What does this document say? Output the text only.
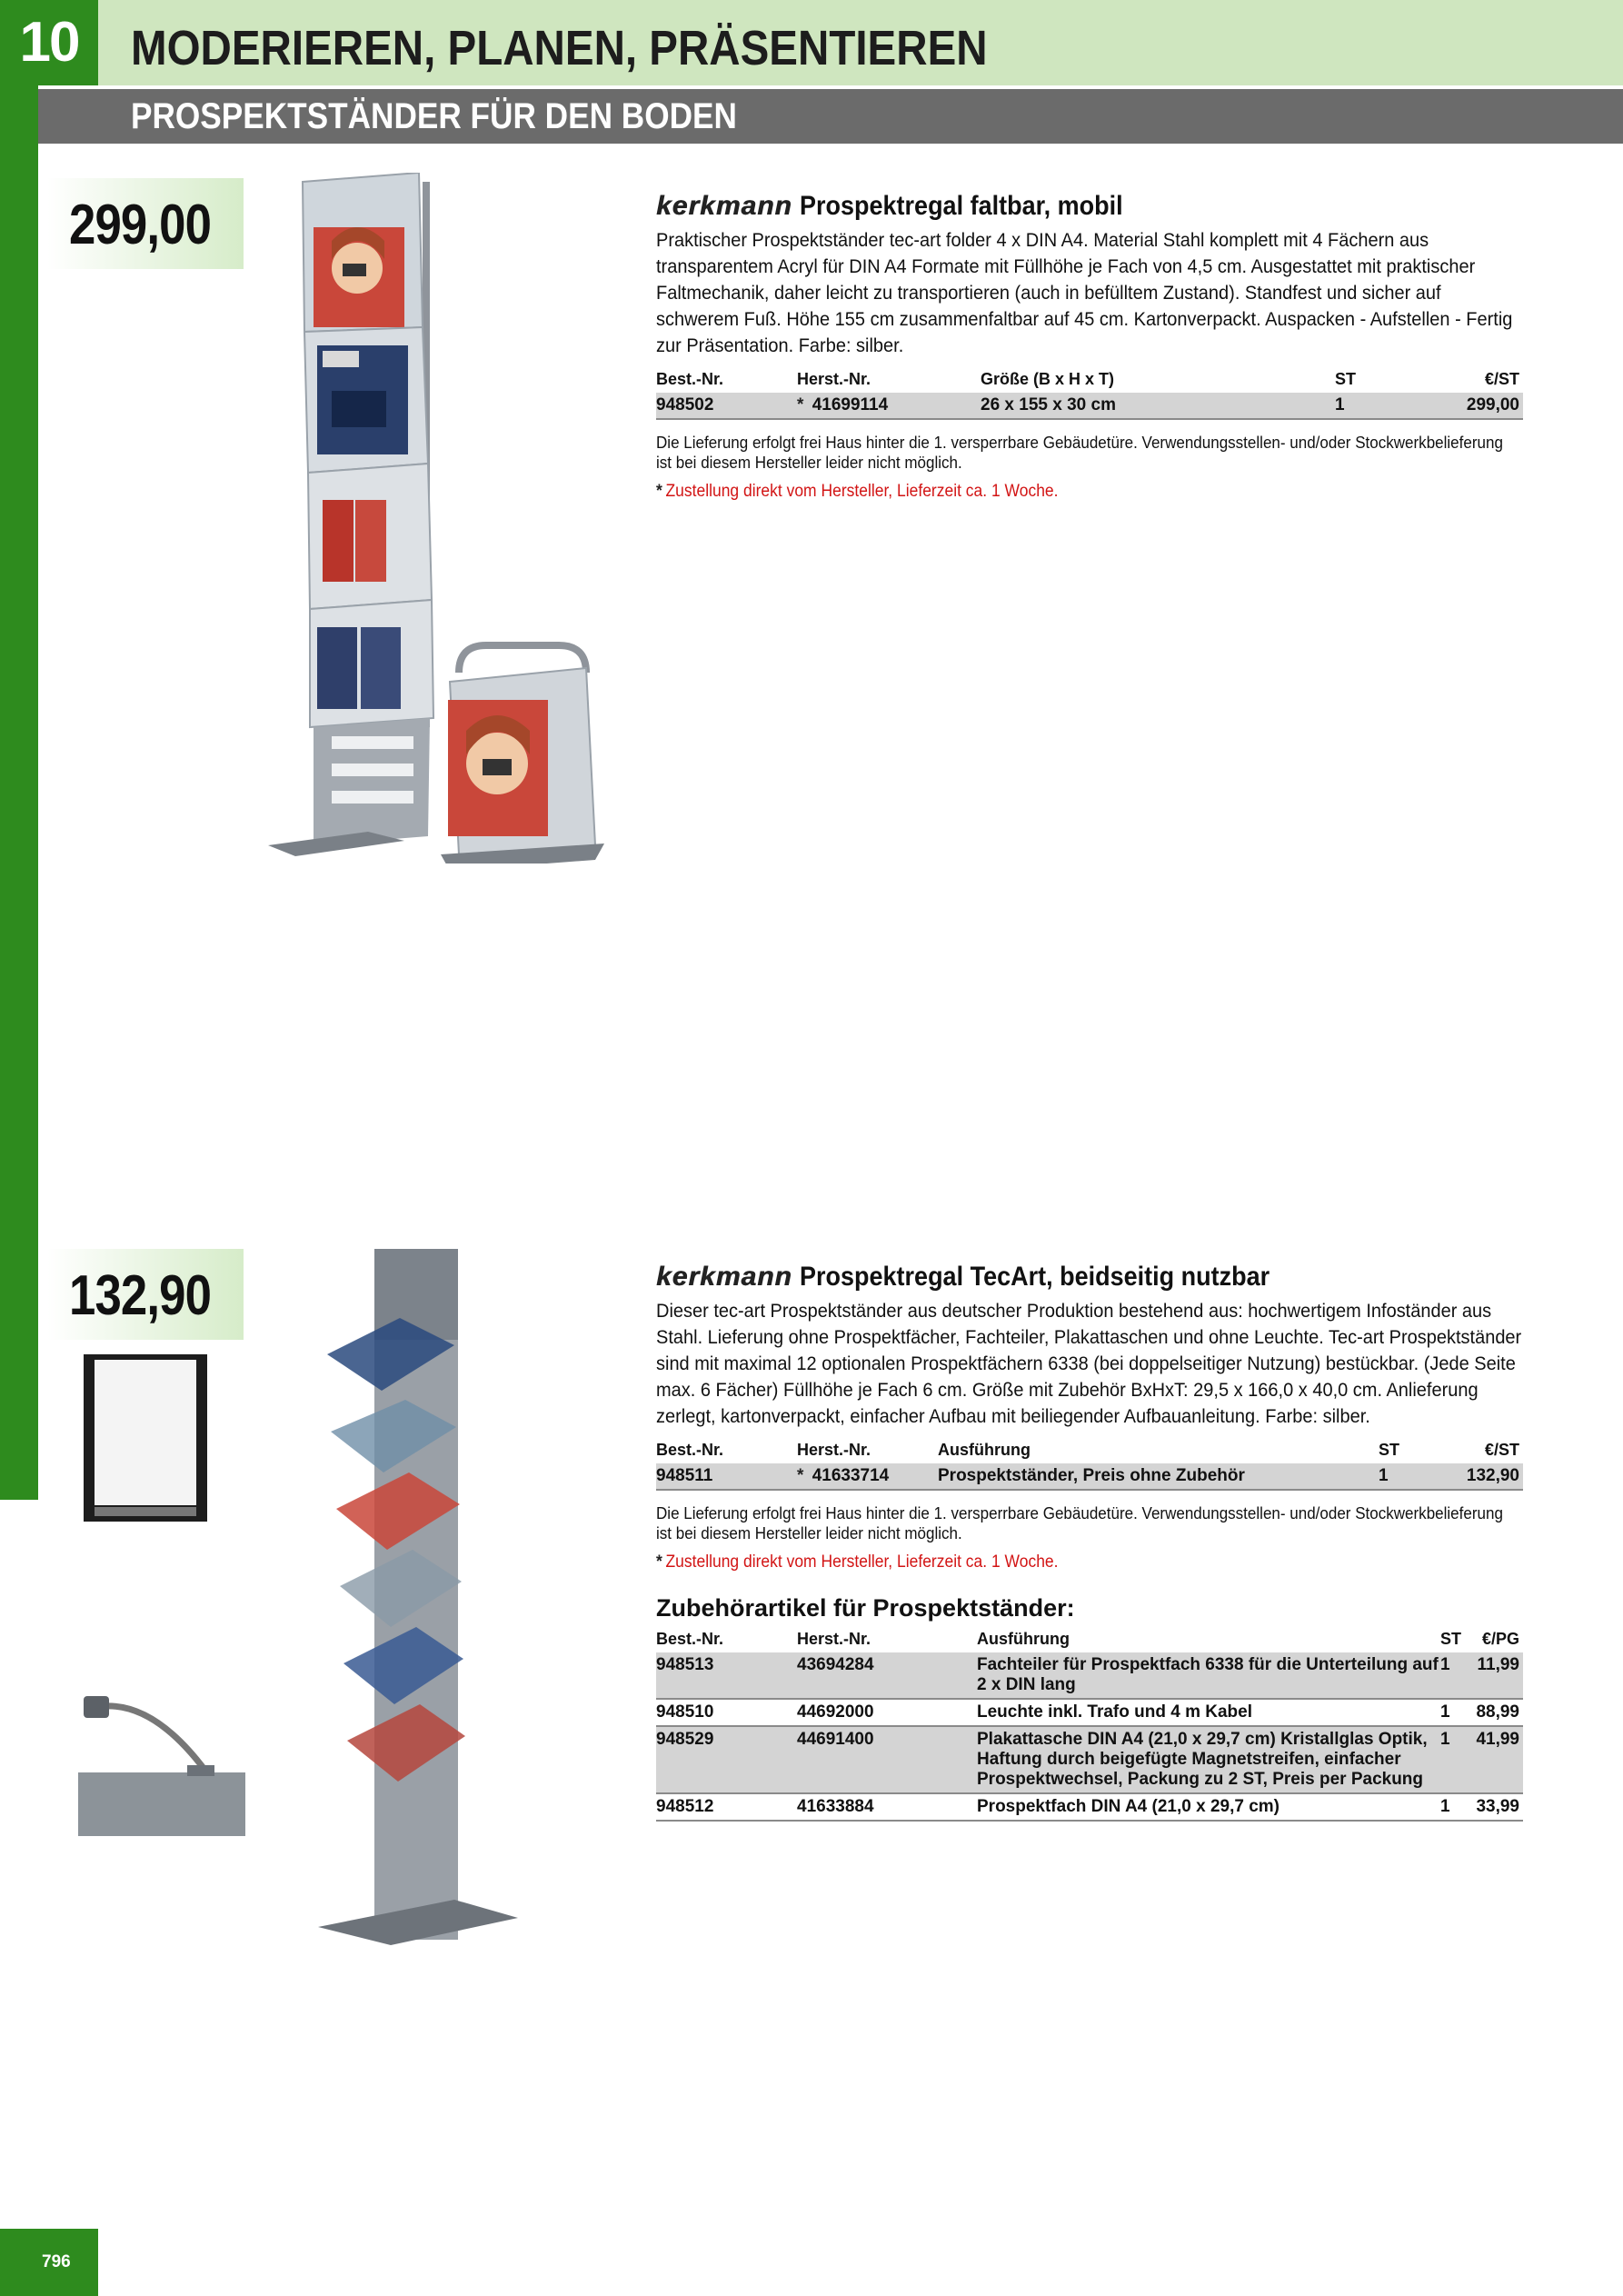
10	MODERIEREN, PLANEN, PRÄSENTIEREN
PROSPEKTSTÄNDER FÜR DEN BODEN
299,00	kerkmann Prospektregal faltbar, mobil
Praktischer Prospektständer tec-art folder 4 x DIN A4. Material Stahl komplett mit 4 Fächern aus transparentem Acryl für DIN A4 Formate mit Füllhöhe je Fach von 4,5 cm. Ausgestattet mit praktischer Faltmechanik, daher leicht zu transportieren (auch in befülltem Zustand). Standfest und sicher auf schwerem Fuß. Höhe 155 cm zusammenfaltbar auf 45 cm. Kartonverpackt. Auspacken - Aufstellen - Fertig zur Präsentation. Farbe: silber.
Best.-Nr.	Herst.-Nr.	Größe (B x H x T)	ST	€/ST
948502	* 41699114	26 x 155 x 30 cm	1	299,00
Die Lieferung erfolgt frei Haus hinter die 1. versperrbare Gebäudetüre. Verwendungsstellen- und/oder Stockwerkbelieferung ist bei diesem Hersteller leider nicht möglich.
* Zustellung direkt vom Hersteller, Lieferzeit ca. 1 Woche.
132,90	kerkmann Prospektregal TecArt, beidseitig nutzbar
Dieser tec-art Prospektständer aus deutscher Produktion bestehend aus: hochwertigem Infoständer aus Stahl. Lieferung ohne Prospektfächer, Fachteiler, Plakattaschen und ohne Leuchte. Tec-art Prospektständer sind mit maximal 12 optionalen Prospektfächern 6338 (bei doppelseitiger Nutzung) bestückbar. (Jede Seite max. 6 Fächer) Füllhöhe je Fach 6 cm. Größe mit Zubehör BxHxT: 29,5 x 166,0 x 40,0 cm. Anlieferung zerlegt, kartonverpackt, einfacher Aufbau mit beiliegender Aufbauanleitung. Farbe: silber.
Best.-Nr.	Herst.-Nr.	Ausführung	ST	€/ST
948511	* 41633714	Prospektständer, Preis ohne Zubehör	1	132,90
Die Lieferung erfolgt frei Haus hinter die 1. versperrbare Gebäudetüre. Verwendungsstellen- und/oder Stockwerkbelieferung ist bei diesem Hersteller leider nicht möglich.
* Zustellung direkt vom Hersteller, Lieferzeit ca. 1 Woche.
Zubehörartikel für Prospektständer:
Best.-Nr.	Herst.-Nr.	Ausführung	ST	€/PG
948513	43694284	Fachteiler für Prospektfach 6338 für die Unterteilung auf 2 x DIN lang	1	11,99
948510	44692000	Leuchte inkl. Trafo und 4 m Kabel	1	88,99
948529	44691400	Plakattasche DIN A4 (21,0 x 29,7 cm) Kristallglas Optik, Haftung durch beigefügte Magnetstreifen, einfacher Prospektwechsel, Packung zu 2 ST, Preis per Packung	1	41,99
948512	41633884	Prospektfach DIN A4 (21,0 x 29,7 cm)	1	33,99
796
